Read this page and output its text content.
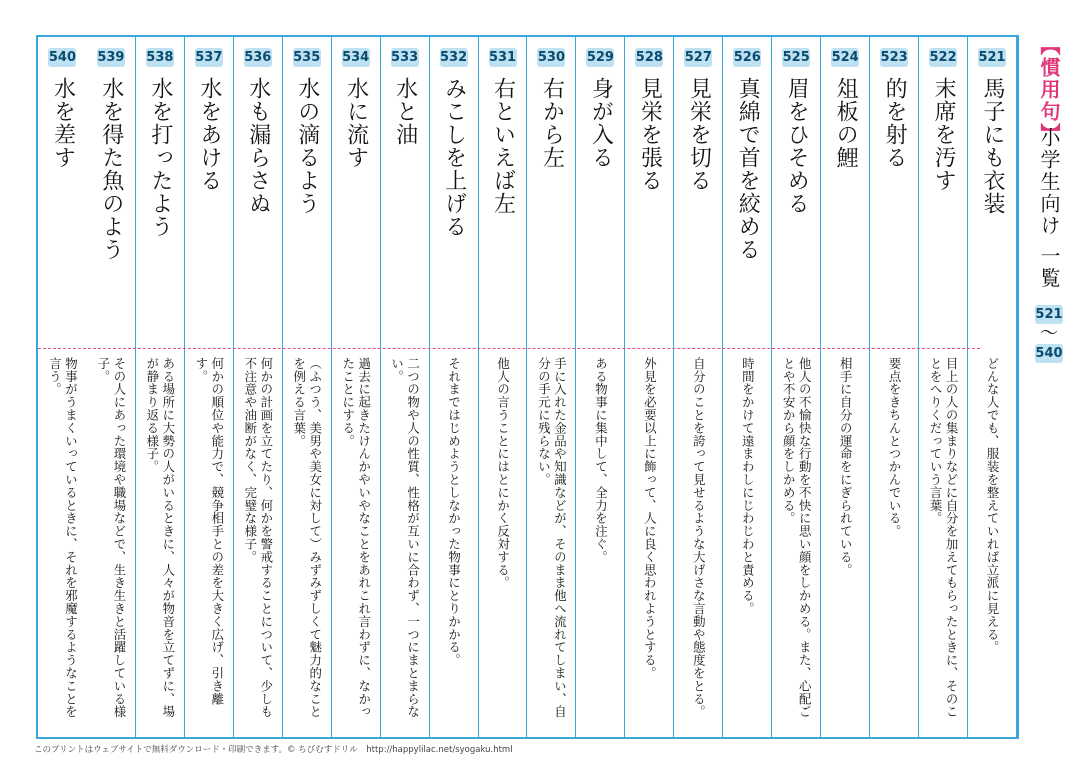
521
馬子にも衣装
どんな人でも、服装を整えていれば立派に見える。
522
末席を汚す
目上の人の集まりなどに自分を加えてもらったときに、そのことをへりくだっていう言葉。
523
的を射る
要点をきちんとつかんでいる。
524
俎板の鯉
相手に自分の運命をにぎられている。
525
眉をひそめる
他人の不愉快な行動を不快に思い顔をしかめる。また、心配ごとや不安から顔をしかめる。
526
真綿で首を絞める
時間をかけて遠まわしにじわじわと責める。
527
見栄を切る
自分のことを誇って見せるような大げさな言動や態度をとる。
528
見栄を張る
外見を必要以上に飾って、人に良く思われようとする。
529
身が入る
ある物事に集中して、全力を注ぐ。
530
右から左
手に入れた金品や知識などが、そのまま他へ流れてしまい、自分の手元に残らない。
531
右といえば左
他人の言うことにはとにかく反対する。
532
みこしを上げる
それまではじめようとしなかった物事にとりかかる。
533
水と油
二つの物や人の性質、性格が互いに合わず、一つにまとまらない。
534
水に流す
過去に起きたけんかやいやなことをあれこれ言わずに、なかったことにする。
535
水の滴るよう
（ふつう、美男や美女に対して）みずみずしくて魅力的なことを例える言葉。
536
水も漏らさぬ
何かの計画を立てたり、何かを警戒することについて、少しも不注意や油断がなく、完璧な様子。
537
水をあける
何かの順位や能力で、競争相手との差を大きく広げ、引き離す。
538
水を打ったよう
ある場所に大勢の人がいるときに、人々が物音を立てずに、場が静まり返る様子。
539
水を得た魚のよう
その人にあった環境や職場などで、生き生きと活躍している様子。
540
水を差す
物事がうまくいっているときに、それを邪魔するようなことを言う。
【慣用句】
小学生向け 一覧
521
～
540
このプリントはウェブサイトで無料ダウンロード・印刷できます。© ちびむすドリル　http://happylilac.net/syogaku.html
